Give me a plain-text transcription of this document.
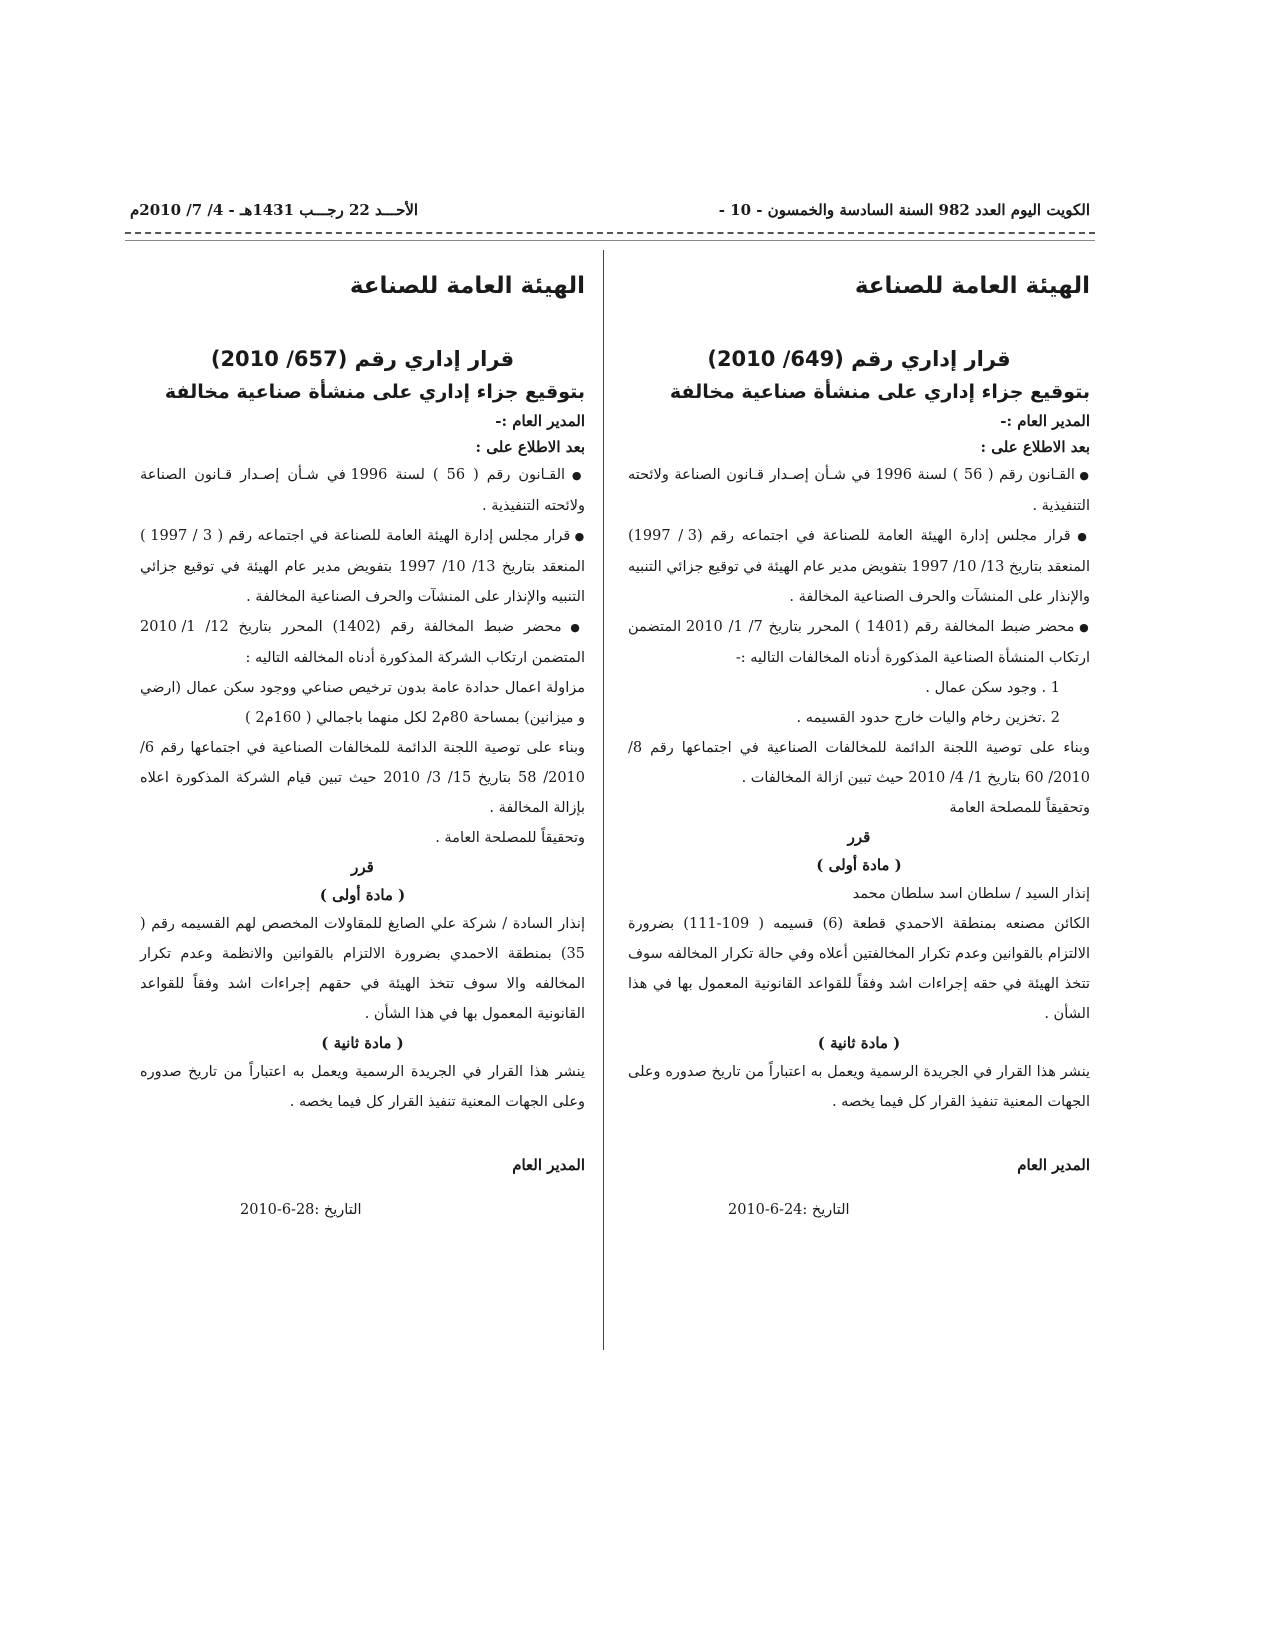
الكويت اليوم العدد 982 السنة السادسة والخمسون - 10 -
الأحـــد 22 رجـــب 1431هـ - 4/ 7/ 2010م
الهيئة العامة للصناعة
قرار إداري رقم (649/ 2010)
بتوقيع جزاء إداري على منشأة صناعية مخالفة
المدير العام :-
بعد الاطلاع على :

● القـانون رقم ( 56 ) لسنة 1996 في شـأن إصـدار قـانون الصناعة ولائحته التنفيذية .

● قرار مجلس إدارة الهيئة العامة للصناعة في اجتماعه رقم (3 / 1997) المنعقد بتاريخ 13/ 10/ 1997 بتفويض مدير عام الهيئة في توقيع جزائي التنبيه والإنذار على المنشآت والحرف الصناعية المخالفة .

● محضر ضبط المخالفة رقم (1401 ) المحرر بتاريخ 7/ 1/ 2010 المتضمن ارتكاب المنشأة الصناعية المذكورة أدناه المخالفات التاليه :-

1 . وجود سكن عمال .

2 .تخزين رخام واليات خارج حدود القسيمه .

وبناء على توصية اللجنة الدائمة للمخالفات الصناعية في اجتماعها رقم 8/ 2010/ 60 بتاريخ 1/ 4/ 2010 حيث تبين ازالة المخالفات .

وتحقيقاً للمصلحة العامة

قرر
( مادة أولى )

إنذار السيد / سلطان اسد سلطان محمد

الكائن مصنعه بمنطقة الاحمدي قطعة (6) قسيمه ( 109-111) بضرورة الالتزام بالقوانين وعدم تكرار المخالفتين أعلاه وفي حالة تكرار المخالفه سوف تتخذ الهيئة في حقه إجراءات اشد وفقاً للقواعد القانونية المعمول بها في هذا الشأن .

( مادة ثانية )

ينشر هذا القرار في الجريدة الرسمية ويعمل به اعتباراً من تاريخ صدوره وعلى الجهات المعنية تنفيذ القرار كل فيما يخصه .

المدير العام
التاريخ :24-6-2010
الهيئة العامة للصناعة
قرار إداري رقم (657/ 2010)
بتوقيع جزاء إداري على منشأة صناعية مخالفة
المدير العام :-
بعد الاطلاع على :

● القـانون رقم ( 56 ) لسنة 1996 في شـأن إصـدار قـانون الصناعة ولائحته التنفيذية .

● قرار مجلس إدارة الهيئة العامة للصناعة في اجتماعه رقم ( 3 / 1997 ) المنعقد بتاريخ 13/ 10/ 1997 بتفويض مدير عام الهيئة في توقيع جزائي التنبيه والإنذار على المنشآت والحرف الصناعية المخالفة .

● محضر ضبط المخالفة رقم (1402) المحرر بتاريخ 12/ 1/ 2010 المتضمن ارتكاب الشركة المذكورة أدناه المخالفه التاليه :

مزاولة اعمال حدادة عامة بدون ترخيص صناعي ووجود سكن عمال (ارضي و ميزانين) بمساحة 80م2 لكل منهما باجمالي ( 160م2 )

وبناء على توصية اللجنة الدائمة للمخالفات الصناعية في اجتماعها رقم 6/ 2010/ 58 بتاريخ 15/ 3/ 2010 حيث تبين قيام الشركة المذكورة اعلاه بإزالة المخالفة .

وتحقيقاً للمصلحة العامة .

قرر
( مادة أولى )

إنذار السادة / شركة علي الصايغ للمقاولات المخصص لهم القسيمه رقم ( 35) بمنطقة الاحمدي بضرورة الالتزام بالقوانين والانظمة وعدم تكرار المخالفه والا سوف تتخذ الهيئة في حقهم إجراءات اشد وفقاً للقواعد القانونية المعمول بها في هذا الشأن .

( مادة ثانية )

ينشر هذا القرار في الجريدة الرسمية ويعمل به اعتباراً من تاريخ صدوره وعلى الجهات المعنية تنفيذ القرار كل فيما يخصه .

المدير العام
التاريخ :28-6-2010
